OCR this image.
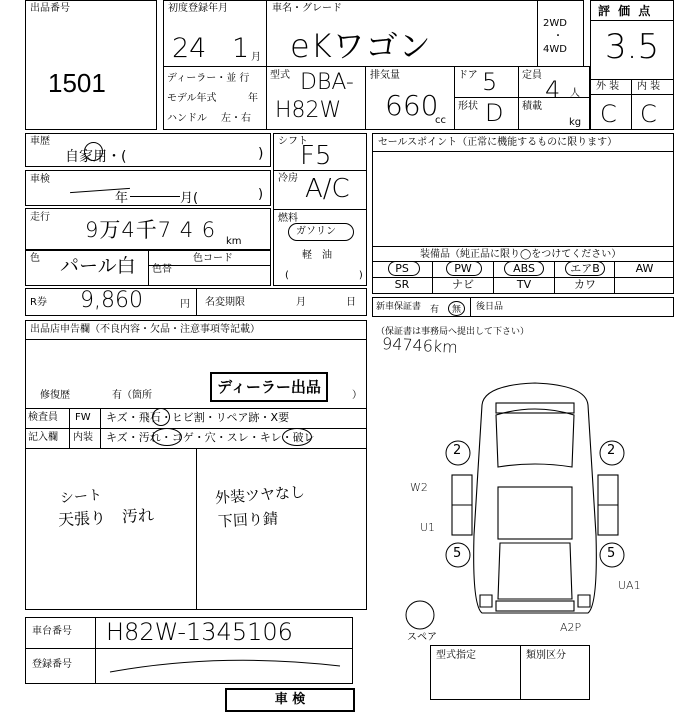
出品番号
1501
初度登録年月
24 1 月
車名・グレード
eKワゴン
2WD
・
4WD
評 価 点
3.5
外 装 内 装
C C
ディーラー・並 行
モデル年式	年
ハンドル 左・右
型式 DBA-
H82W
排気量
660
cc
ドア 5 定員
4 人
形状 D 積載
kg
車歴
自家用・(	)
車検
年	月(	)
走行
9万4千7 4 6 km
色 パール白 色替
色コード
シフト
F5
冷房 A/C
燃料
ガソリン
軽　油
(　　　　　　　)
R券 9,860	円 名変期限	月	日
セールスポイント（正常に機能するものに限ります）
装備品（純正品に限り◯をつけてください）
PS	PW	ABS	エアB	AW
SR	ナビ	TV	カワ
新車保証書 有 無 後日品
（保証書は事務局へ提出して下さい）
94746km
出品店申告欄（不良内容・欠品・注意事項等記載）
修復歴	有（箇所	）
ディーラー出品
検査員 FW キズ・飛石・ヒビ割・リペア跡・X要
記入欄 内装 キズ・汚れ・コゲ・穴・スレ・キレ・破レ
シート
天張り　汚れ
外装ツヤなし
下回り錆
車台番号 H82W-1345106
登録番号
車 検
2	2
5	5
スペア
W2
U1
UA1
A2P
型式指定	類別区分
